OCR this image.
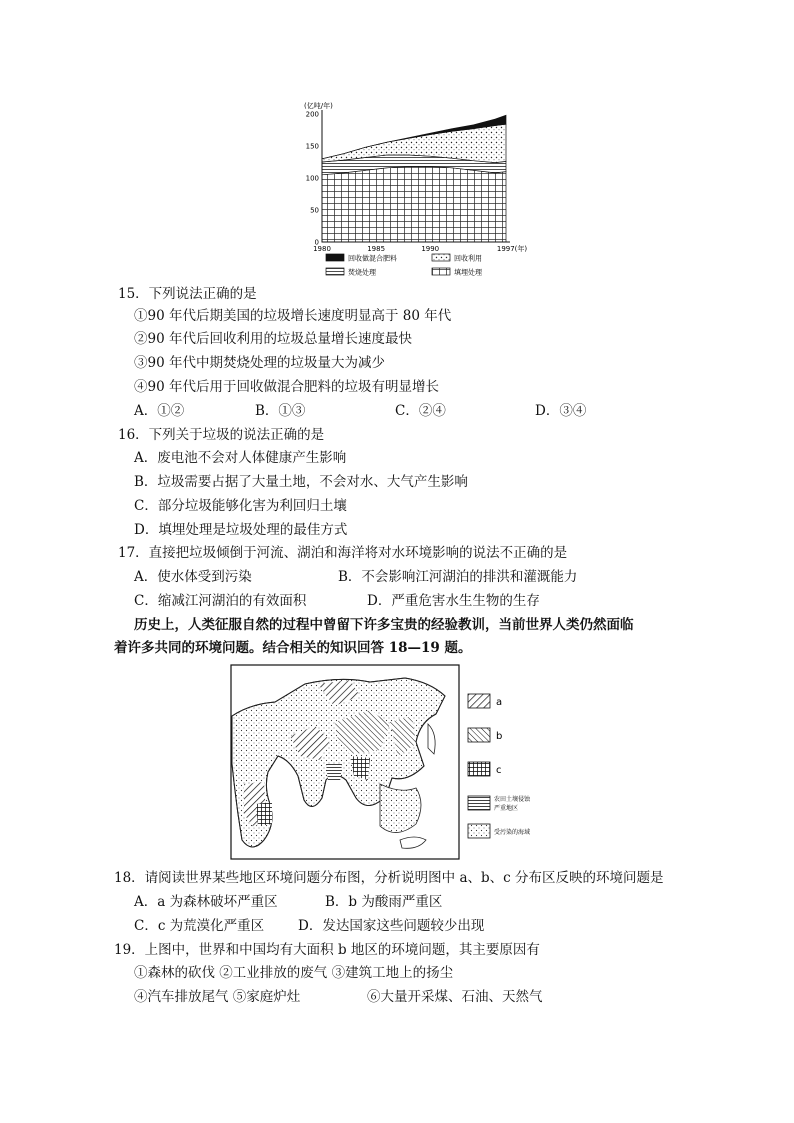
(亿吨/年)
0
50
100
150
200
1980	1985	1990	1997(年)
回收做混合肥料	回收利用
焚烧处理	填埋处理
15．下列说法正确的是
①90 年代后期美国的垃圾增长速度明显高于 80 年代
②90 年代后回收利用的垃圾总量增长速度最快
③90 年代中期焚烧处理的垃圾量大为减少
④90 年代后用于回收做混合肥料的垃圾有明显增长
A．①②	B．①③	C．②④	D．③④
16．下列关于垃圾的说法正确的是
A．废电池不会对人体健康产生影响
B．垃圾需要占据了大量土地，不会对水、大气产生影响
C．部分垃圾能够化害为利回归土壤
D．填埋处理是垃圾处理的最佳方式
17．直接把垃圾倾倒于河流、湖泊和海洋将对水环境影响的说法不正确的是
A．使水体受到污染	B．不会影响江河湖泊的排洪和灌溉能力
C．缩减江河湖泊的有效面积	D．严重危害水生生物的生存
历史上，人类征服自然的过程中曾留下许多宝贵的经验教训，当前世界人类仍然面临
着许多共同的环境问题。结合相关的知识回答 18—19 题。
a
b
c
农田土壤侵蚀
严重地区
受污染的海域
18．请阅读世界某些地区环境问题分布图，分析说明图中 a、b、c 分布区反映的环境问题是
A．a 为森林破坏严重区	B．b 为酸雨严重区
C．c 为荒漠化严重区	D．发达国家这些问题较少出现
19．上图中，世界和中国均有大面积 b 地区的环境问题，其主要原因有
①森林的砍伐 ②工业排放的废气 ③建筑工地上的扬尘
④汽车排放尾气 ⑤家庭炉灶	⑥大量开采煤、石油、天然气
